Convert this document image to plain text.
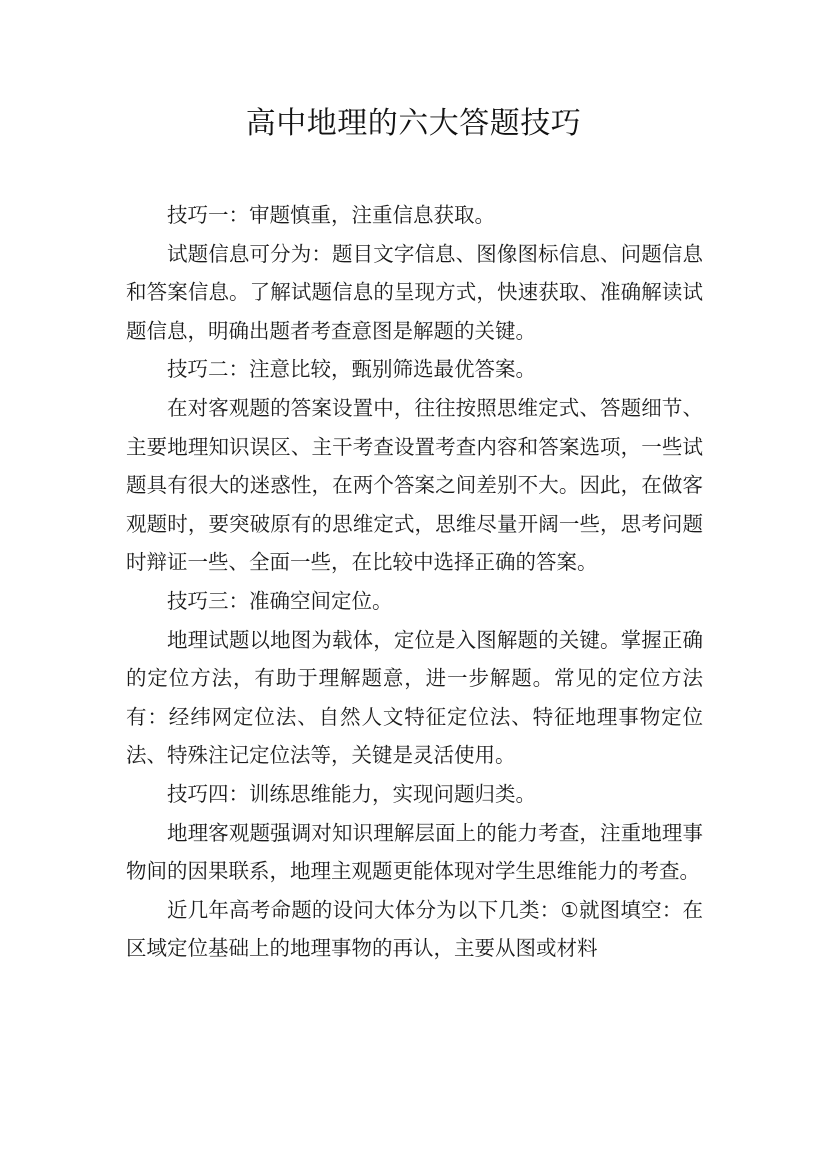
高中地理的六大答题技巧

技巧一：审题慎重，注重信息获取。

试题信息可分为：题目文字信息、图像图标信息、问题信息和答案信息。了解试题信息的呈现方式，快速获取、准确解读试题信息，明确出题者考查意图是解题的关键。

技巧二：注意比较，甄别筛选最优答案。

在对客观题的答案设置中，往往按照思维定式、答题细节、主要地理知识误区、主干考查设置考查内容和答案选项，一些试题具有很大的迷惑性，在两个答案之间差别不大。因此，在做客观题时，要突破原有的思维定式，思维尽量开阔一些，思考问题时辩证一些、全面一些，在比较中选择正确的答案。

技巧三：准确空间定位。

地理试题以地图为载体，定位是入图解题的关键。掌握正确的定位方法，有助于理解题意，进一步解题。常见的定位方法有：经纬网定位法、自然人文特征定位法、特征地理事物定位法、特殊注记定位法等，关键是灵活使用。

技巧四：训练思维能力，实现问题归类。

地理客观题强调对知识理解层面上的能力考查，注重地理事物间的因果联系，地理主观题更能体现对学生思维能力的考查。

近几年高考命题的设问大体分为以下几类：①就图填空：在区域定位基础上的地理事物的再认，主要从图或材料
